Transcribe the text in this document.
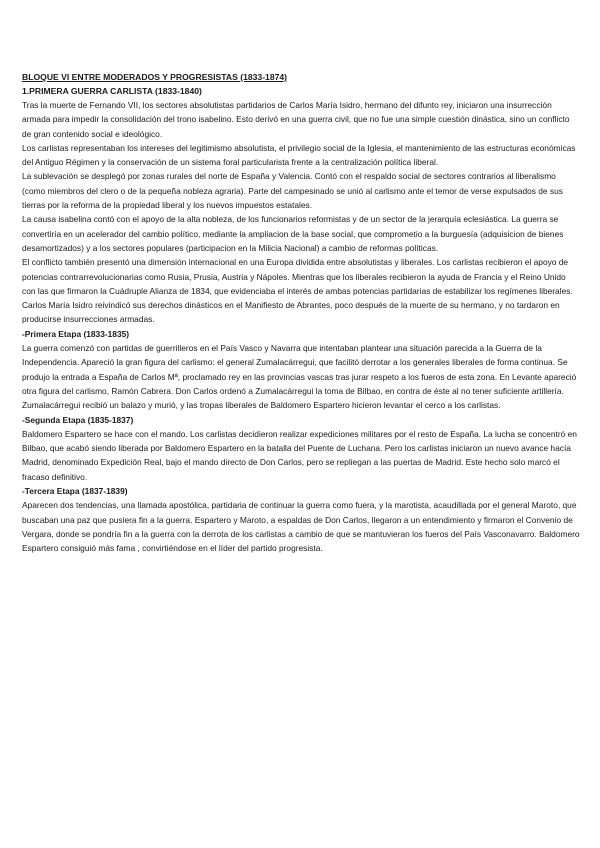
BLOQUE VI ENTRE MODERADOS Y PROGRESISTAS (1833-1874)

1.PRIMERA GUERRA CARLISTA (1833-1840)

Tras la muerte de Fernando VII, los sectores absolutistas partidarios de Carlos María Isidro, hermano del difunto rey, iniciaron una insurrección armada para impedir la consolidación del trono isabelino. Esto derivó en una guerra civil, que no fue una simple cuestión dinástica, sino un conflicto de gran contenido social e ideológico.

Los carlistas representaban los intereses del legitimismo absolutista, el privilegio social de la Iglesia, el mantenimiento de las estructuras económicas del Antiguo Régimen y la conservación de un sistema foral particularista frente a la centralización política liberal.

La sublevación se desplegó por zonas rurales del norte de España y Valencia. Contó con el respaldo social de sectores contrarios al liberalismo (como miembros del clero o de la pequeña nobleza agraria). Parte del campesinado se unió al carlismo ante el temor de verse expulsados de sus tierras por la reforma de la propiedad liberal y los nuevos impuestos estatales.

La causa isabelina contó con el apoyo de la alta nobleza, de los funcionarios reformistas y de un sector de la jerarquía eclesiástica. La guerra se convertiría en un acelerador del cambio político, mediante la ampliacion de la base social, que comprometio a la burguesía (adquisicion de bienes desamortizados) y a los sectores populares (participacion en la Milicia Nacional) a cambio de reformas políticas.

El conflicto también presentó una dimensión internacional en una Europa dividida entre absolutistas y liberales. Los carlistas recibieron el apoyo de potencias contrarrevolucionarias como Rusia, Prusia, Austria y Nápoles. Mientras que los liberales recibieron la ayuda de Francia y el Reino Unido con las que firmaron la Cuádruple Alianza de 1834, que evidenciaba el interés de ambas potencias partidarias de estabilizar los regímenes liberales.

Carlos María Isidro reivindicó sus derechos dinásticos en el Manifiesto de Abrantes, poco después de la muerte de su hermano, y no tardaron en producirse insurrecciones armadas.

-Primera Etapa (1833-1835)

La guerra comenzó con partidas de guerrilleros en el País Vasco y Navarra que intentaban plantear una situación parecida a la Guerra de la Independencia. Apareció la gran figura del carlismo: el general Zumalacárregui, que facilitó derrotar a los generales liberales de forma continua. Se produjo la entrada a España de Carlos Mª, proclamado rey en las provincias vascas tras jurar respeto a los fueros de esta zona. En Levante apareció otra figura del carlismo, Ramón Cabrera. Don Carlos ordenó a Zumalacárregui la toma de Bilbao, en contra de éste al no tener suficiente artillería. Zumalacárregui recibió un balazo y murió, y las tropas liberales de Baldomero Espartero hicieron levantar el cerco a los carlistas.

-Segunda Etapa (1835-1837)

Baldomero Espartero se hace con el mando. Los carlistas decidieron realizar expediciones militares por el resto de España. La lucha se concentró en Bilbao, que acabó siendo liberada por Baldomero Espartero en la batalla del Puente de Luchana. Pero los carlistas iniciaron un nuevo avance hacía Madrid, denominado Expedición Real, bajo el mando directo de Don Carlos, pero se repliegan a las puertas de Madrid. Este hecho solo marcó el fracaso definitivo.

-Tercera Etapa (1837-1839)

Aparecen dos tendencias, una llamada apostólica, partidaria de continuar la guerra como fuera, y la marotista, acaudillada por el general Maroto, que buscaban una paz que pusiera fin a la guerra. Espartero y Maroto, a espaldas de Don Carlos, llegaron a un entendimiento y firmaron el Convenio de Vergara, donde se pondría fin a la guerra con la derrota de los carlistas a cambio de que se mantuvieran los fueros del País Vasconavarro. Baldomero Espartero consiguió más fama , convirtiéndose en el líder del partido progresista.
